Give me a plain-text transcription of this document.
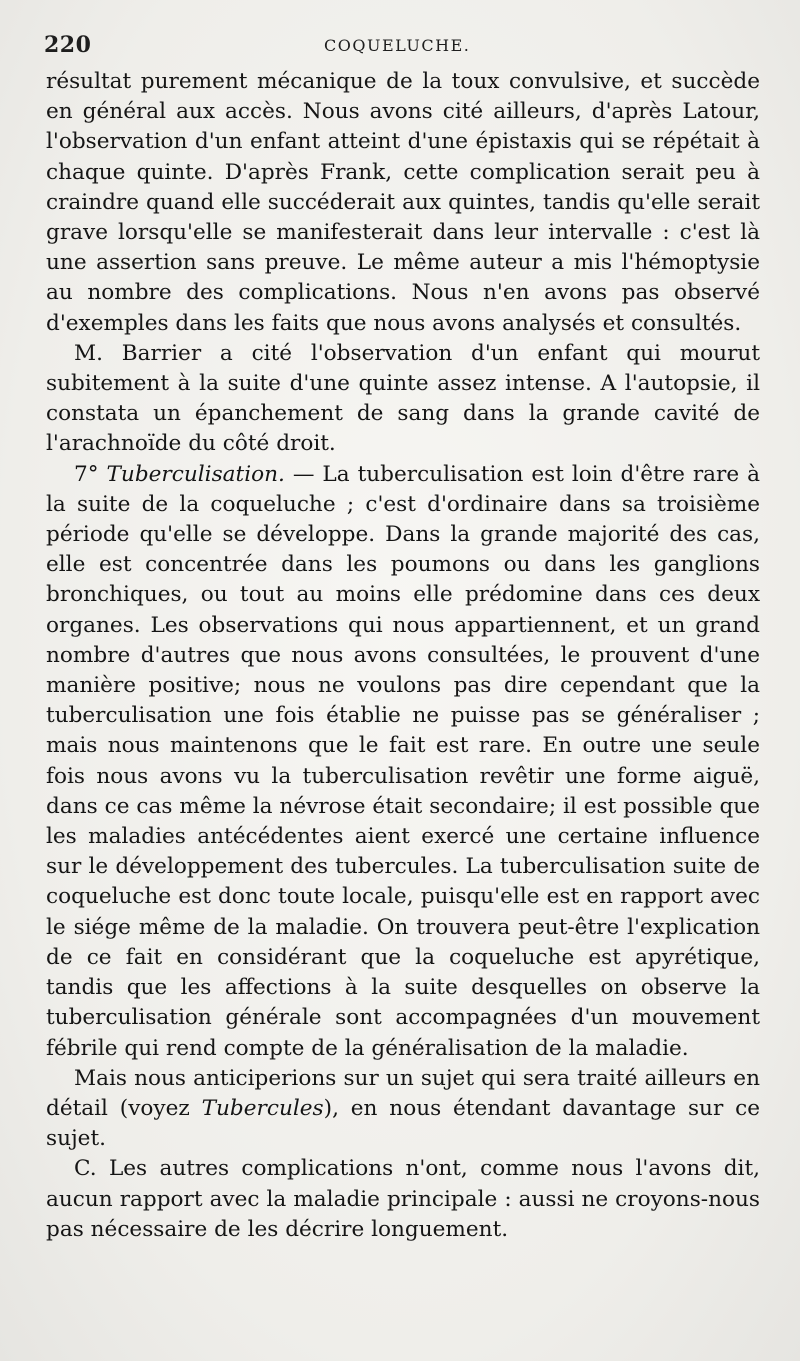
220	COQUELUCHE.

résultat purement mécanique de la toux convulsive, et succède en général aux accès. Nous avons cité ailleurs, d'après Latour, l'observation d'un enfant atteint d'une épistaxis qui se répétait à chaque quinte. D'après Frank, cette complication serait peu à craindre quand elle succéderait aux quintes, tandis qu'elle serait grave lorsqu'elle se manifesterait dans leur intervalle : c'est là une assertion sans preuve. Le même auteur a mis l'hémoptysie au nombre des complications. Nous n'en avons pas observé d'exemples dans les faits que nous avons analysés et consultés.

M. Barrier a cité l'observation d'un enfant qui mourut subitement à la suite d'une quinte assez intense. A l'autopsie, il constata un épanchement de sang dans la grande cavité de l'arachnoïde du côté droit.

7° Tuberculisation. — La tuberculisation est loin d'être rare à la suite de la coqueluche ; c'est d'ordinaire dans sa troisième période qu'elle se développe. Dans la grande majorité des cas, elle est concentrée dans les poumons ou dans les ganglions bronchiques, ou tout au moins elle prédomine dans ces deux organes. Les observations qui nous appartiennent, et un grand nombre d'autres que nous avons consultées, le prouvent d'une manière positive; nous ne voulons pas dire cependant que la tuberculisation une fois établie ne puisse pas se généraliser ; mais nous maintenons que le fait est rare. En outre une seule fois nous avons vu la tuberculisation revêtir une forme aiguë, dans ce cas même la névrose était secondaire; il est possible que les maladies antécédentes aient exercé une certaine influence sur le développement des tubercules. La tuberculisation suite de coqueluche est donc toute locale, puisqu'elle est en rapport avec le siége même de la maladie. On trouvera peut-être l'explication de ce fait en considérant que la coqueluche est apyrétique, tandis que les affections à la suite desquelles on observe la tuberculisation générale sont accompagnées d'un mouvement fébrile qui rend compte de la généralisation de la maladie.

Mais nous anticiperions sur un sujet qui sera traité ailleurs en détail (voyez Tubercules), en nous étendant davantage sur ce sujet.

C. Les autres complications n'ont, comme nous l'avons dit, aucun rapport avec la maladie principale : aussi ne croyons-nous pas nécessaire de les décrire longuement.
